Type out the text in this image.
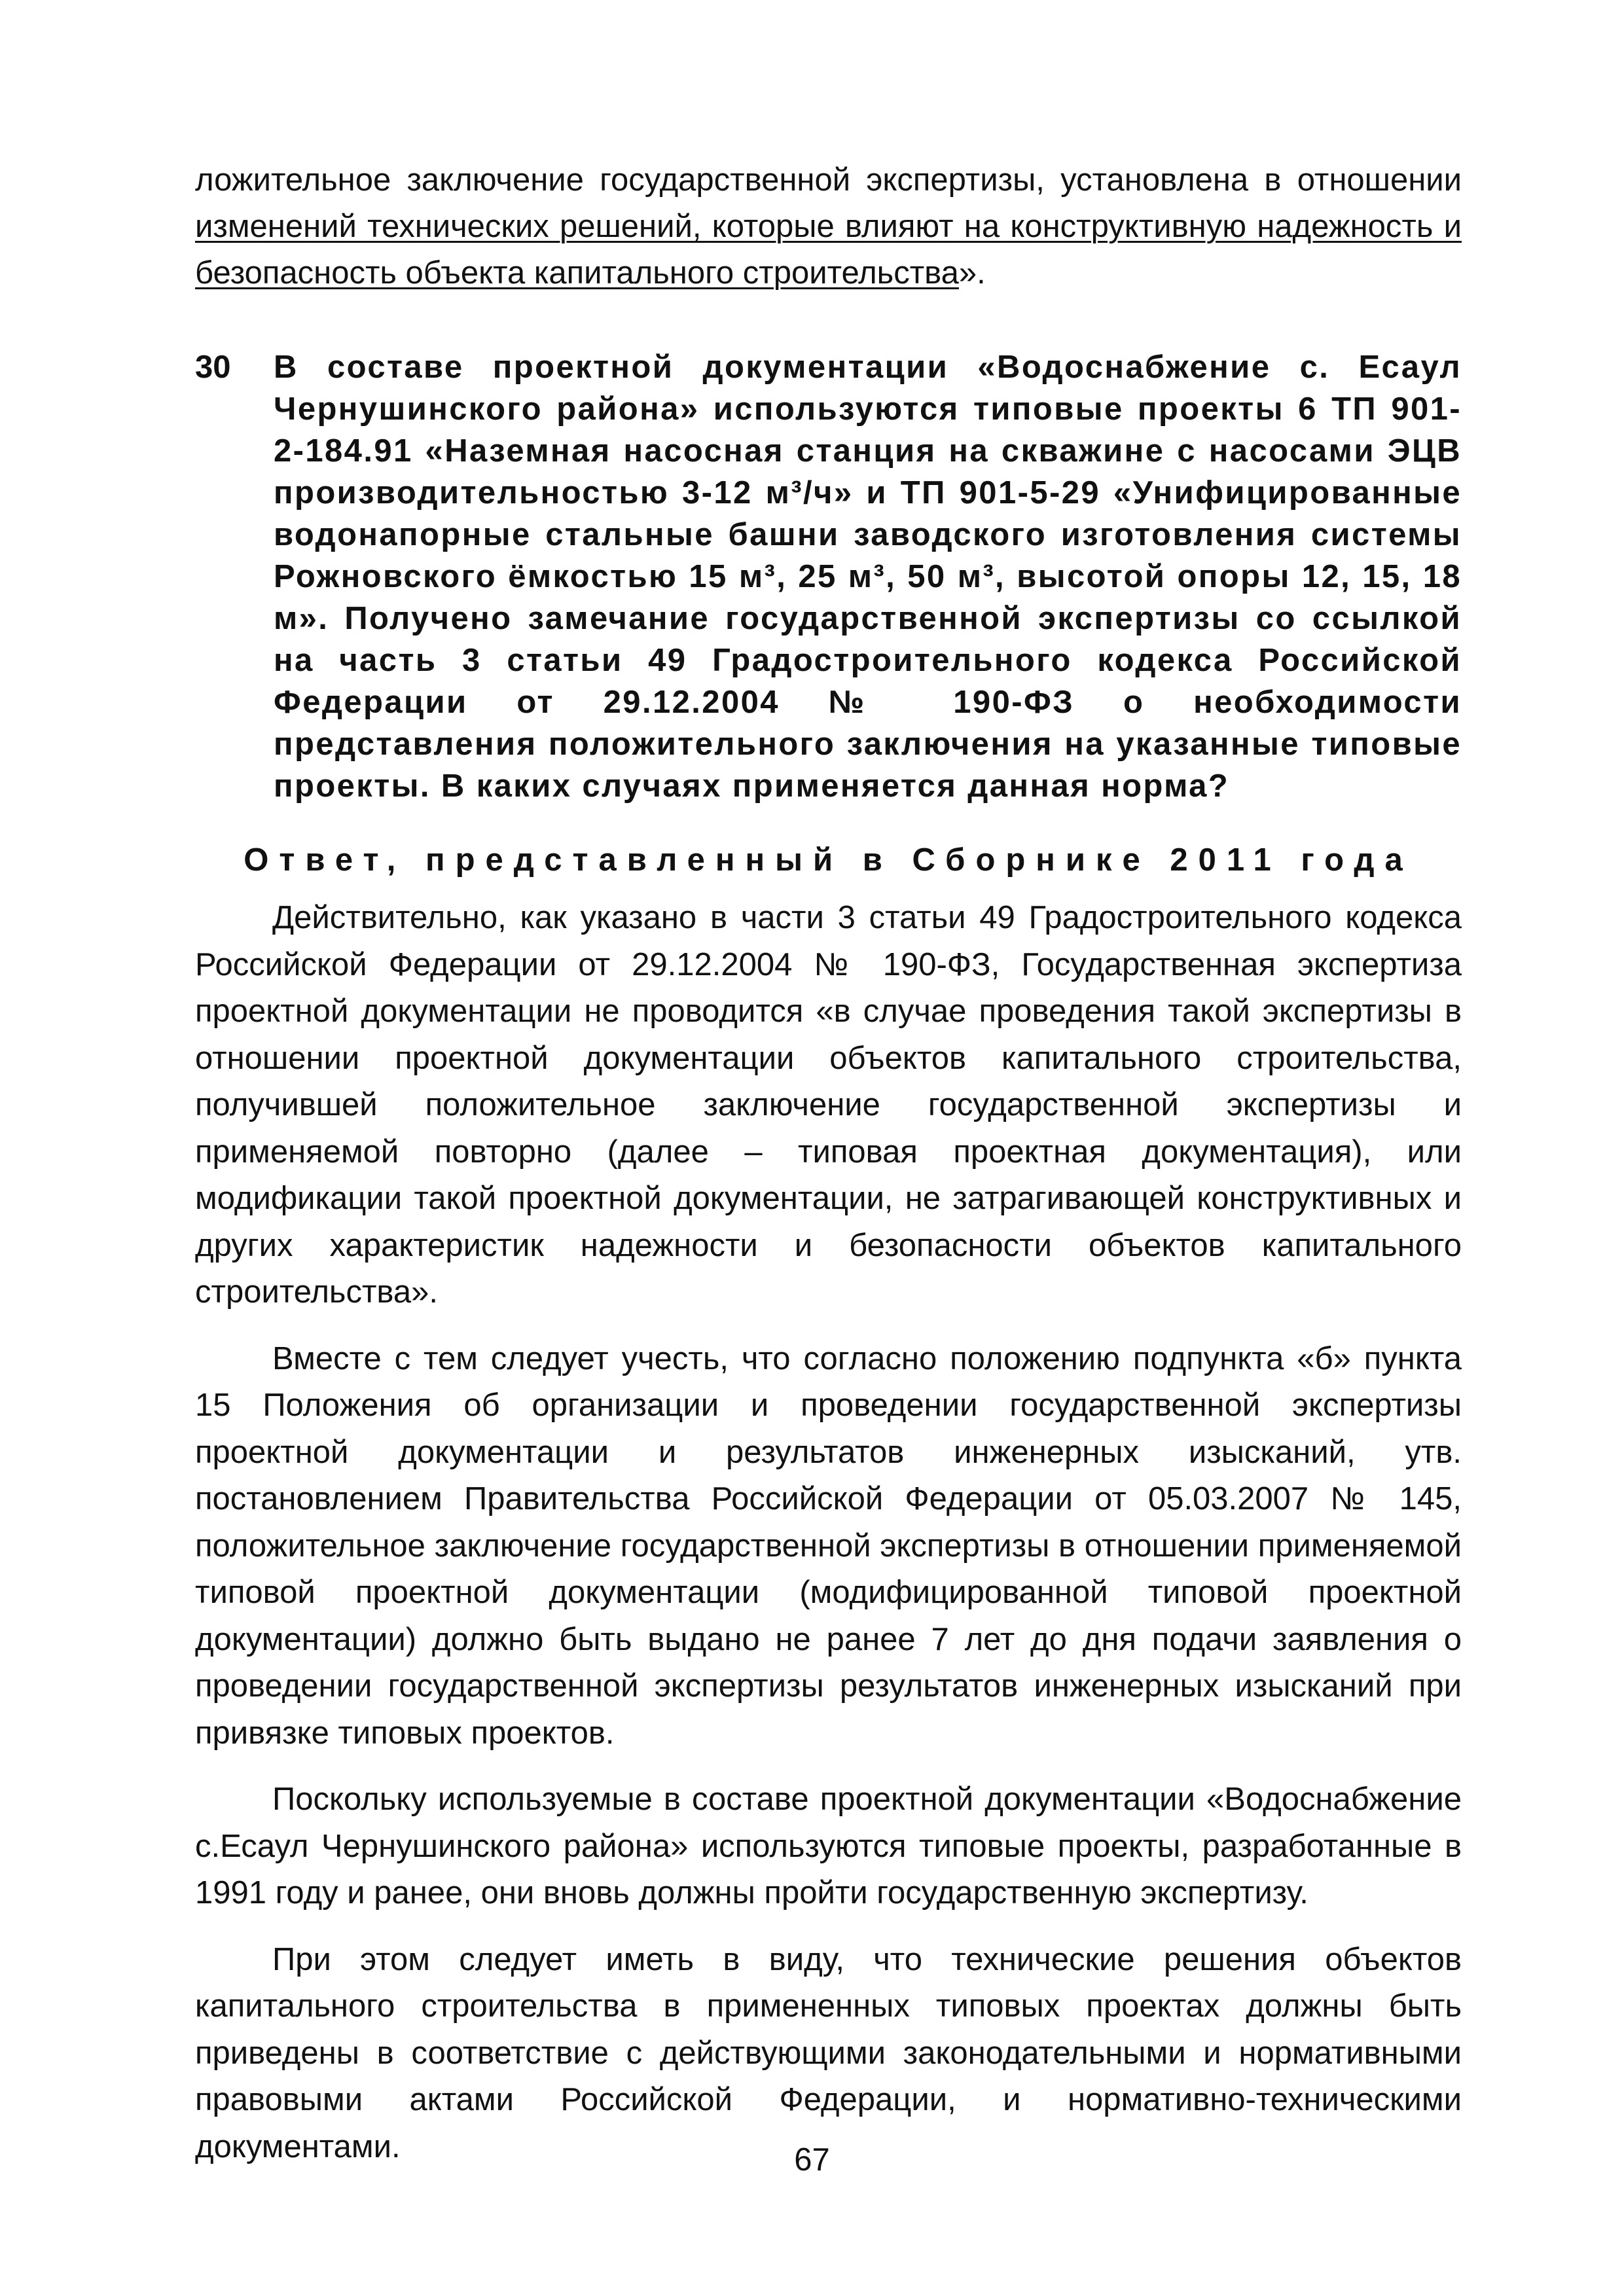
ложительное заключение государственной экспертизы, установлена в отношении изменений технических решений, которые влияют на конструктивную надежность и безопасность объекта капитального строительства».

30 В составе проектной документации «Водоснабжение с. Есаул Чернушинского района» используются типовые проекты 6 ТП 901-2-184.91 «Наземная насосная станция на скважине с насосами ЭЦВ производительностью 3-12 м³/ч» и ТП 901-5-29 «Унифицированные водонапорные стальные башни заводского изготовления системы Рожновского ёмкостью 15 м³, 25 м³, 50 м³, высотой опоры 12, 15, 18 м». Получено замечание государственной экспертизы со ссылкой на часть 3 статьи 49 Градостроительного кодекса Российской Федерации от 29.12.2004 № 190-ФЗ о необходимости представления положительного заключения на указанные типовые проекты. В каких случаях применяется данная норма?
Ответ, представленный в Сборнике 2011 года

Действительно, как указано в части 3 статьи 49 Градостроительного кодекса Российской Федерации от 29.12.2004 № 190-ФЗ, Государственная экспертиза проектной документации не проводится «в случае проведения такой экспертизы в отношении проектной документации объектов капитального строительства, получившей положительное заключение государственной экспертизы и применяемой повторно (далее – типовая проектная документация), или модификации такой проектной документации, не затрагивающей конструктивных и других характеристик надежности и безопасности объектов капитального строительства».

Вместе с тем следует учесть, что согласно положению подпункта «б» пункта 15 Положения об организации и проведении государственной экспертизы проектной документации и результатов инженерных изысканий, утв. постановлением Правительства Российской Федерации от 05.03.2007 № 145, положительное заключение государственной экспертизы в отношении применяемой типовой проектной документации (модифицированной типовой проектной документации) должно быть выдано не ранее 7 лет до дня подачи заявления о проведении государственной экспертизы результатов инженерных изысканий при привязке типовых проектов.

Поскольку используемые в составе проектной документации «Водоснабжение с.Есаул Чернушинского района» используются типовые проекты, разработанные в 1991 году и ранее, они вновь должны пройти государственную экспертизу.

При этом следует иметь в виду, что технические решения объектов капитального строительства в примененных типовых проектах должны быть приведены в соответствие с действующими законодательными и нормативными правовыми актами Российской Федерации, и нормативно-техническими документами.	67
